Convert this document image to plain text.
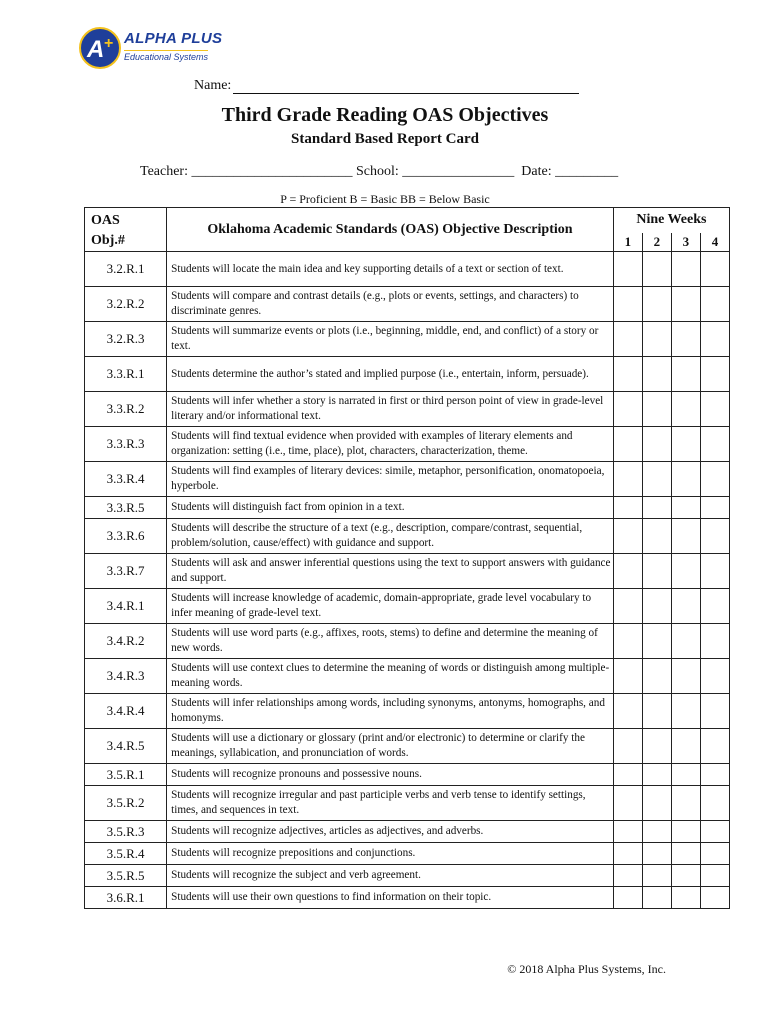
A + ALPHA PLUS
Educational Systems
Name:
Third Grade Reading OAS Objectives
Standard Based Report Card
Teacher: _______________________ School: ________________  Date: _________
P = Proficient B = Basic BB = Below Basic
OAS
Obj.#	Oklahoma Academic Standards (OAS) Objective Description	Nine Weeks			
		1	2	3	4
3.2.R.1	Students will locate the main idea and key supporting details of a text or section of text.				
3.2.R.2	Students will compare and contrast details (e.g., plots or events, settings, and characters) to discriminate genres.				
3.2.R.3	Students will summarize events or plots (i.e., beginning, middle, end, and conflict) of a story or text.				
3.3.R.1	Students determine the author’s stated and implied purpose (i.e., entertain, inform, persuade).				
3.3.R.2	Students will infer whether a story is narrated in first or third person point of view in grade-level literary and/or informational text.				
3.3.R.3	Students will find textual evidence when provided with examples of literary elements and organization: setting (i.e., time, place), plot, characters, characterization, theme.				
3.3.R.4	Students will find examples of literary devices: simile, metaphor, personification, onomatopoeia, hyperbole.				
3.3.R.5	Students will distinguish fact from opinion in a text.				
3.3.R.6	Students will describe the structure of a text (e.g., description, compare/contrast, sequential, problem/solution, cause/effect) with guidance and support.				
3.3.R.7	Students will ask and answer inferential questions using the text to support answers with guidance and support.				
3.4.R.1	Students will increase knowledge of academic, domain-appropriate, grade level vocabulary to infer meaning of grade-level text.				
3.4.R.2	Students will use word parts (e.g., affixes, roots, stems) to define and determine the meaning of new words.				
3.4.R.3	Students will use context clues to determine the meaning of words or distinguish among multiple-meaning words.				
3.4.R.4	Students will infer relationships among words, including synonyms, antonyms, homographs, and homonyms.				
3.4.R.5	Students will use a dictionary or glossary (print and/or electronic) to determine or clarify the meanings, syllabication, and pronunciation of words.				
3.5.R.1	Students will recognize pronouns and possessive nouns.				
3.5.R.2	Students will recognize irregular and past participle verbs and verb tense to identify settings, times, and sequences in text.				
3.5.R.3	Students will recognize adjectives, articles as adjectives, and adverbs.				
3.5.R.4	Students will recognize prepositions and conjunctions.				
3.5.R.5	Students will recognize the subject and verb agreement.				
3.6.R.1	Students will use their own questions to find information on their topic.				
© 2018 Alpha Plus Systems, Inc.
